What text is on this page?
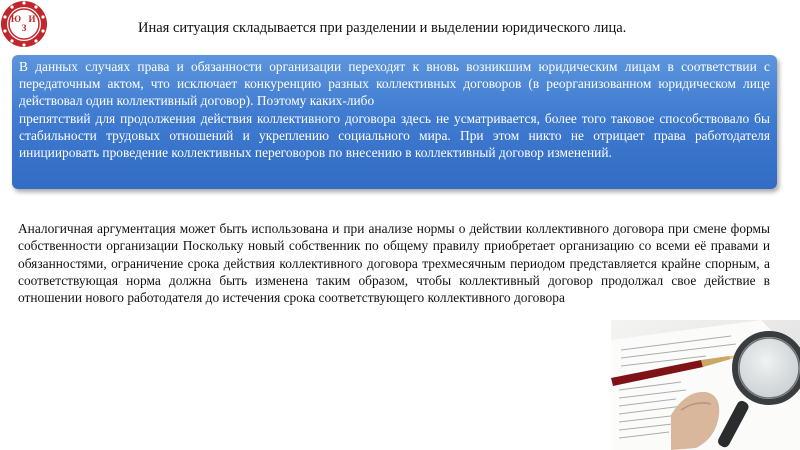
Ю
З
И
Иная ситуация складывается при разделении и выделении юридического лица.

В данных случаях права и обязанности организации переходят к вновь возникшим юридическим лицам в соответствии с передаточным актом, что исключает конкуренцию разных коллективных договоров (в реорганизованном юридическом лице действовал один коллективный договор). Поэтому каких-либо

препятствий для продолжения действия коллективного договора здесь не усматривается, более того таковое способствовало бы стабильности трудовых отношений и укреплению социального мира. При этом никто не отрицает права работодателя инициировать проведение коллективных переговоров по внесению в коллективный договор изменений.

Аналогичная аргументация может быть использована и при анализе нормы о действии коллективного договора при смене формы собственности организации Поскольку новый собственник по общему правилу приобретает организацию со всеми её правами и обязанностями, ограничение срока действия коллективного договора трехмесячным периодом представляется крайне спорным, а соответствующая норма должна быть изменена таким образом, чтобы коллективный договор продолжал свое действие в отношении нового работодателя до истечения срока соответствующего коллективного договора
